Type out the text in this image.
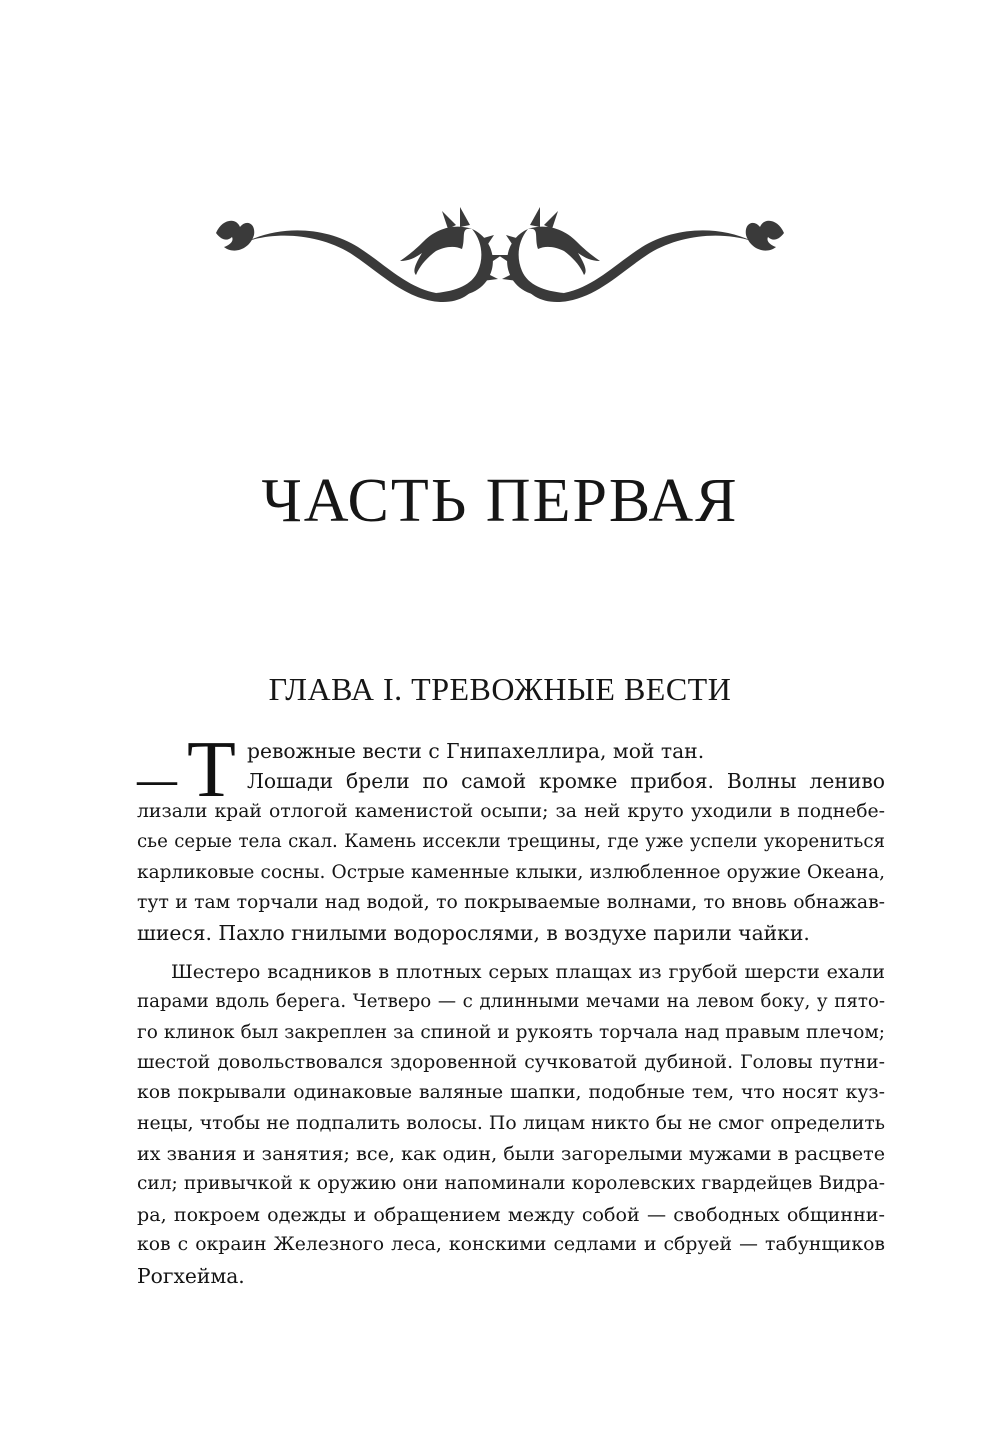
ЧАСТЬ ПЕРВАЯ
ГЛАВА I. ТРЕВОЖНЫЕ ВЕСТИ
— Т ревожные вести с Гнипахеллира, мой тан.
Лошади брели по самой кромке прибоя. Волны лениво
лизали край отлогой каменистой осыпи; за ней круто уходили в поднебе-
сье серые тела скал. Камень иссекли трещины, где уже успели укорениться
карликовые сосны. Острые каменные клыки, излюбленное оружие Океана,
тут и там торчали над водой, то покрываемые волнами, то вновь обнажав-
шиеся. Пахло гнилыми водорослями, в воздухе парили чайки.
Шестеро всадников в плотных серых плащах из грубой шерсти ехали
парами вдоль берега. Четверо — с длинными мечами на левом боку, у пято-
го клинок был закреплен за спиной и рукоять торчала над правым плечом;
шестой довольствовался здоровенной сучковатой дубиной. Головы путни-
ков покрывали одинаковые валяные шапки, подобные тем, что носят куз-
нецы, чтобы не подпалить волосы. По лицам никто бы не смог определить
их звания и занятия; все, как один, были загорелыми мужами в расцвете
сил; привычкой к оружию они напоминали королевских гвардейцев Видра-
ра, покроем одежды и обращением между собой — свободных общинни-
ков с окраин Железного леса, конскими седлами и сбруей — табунщиков
Рогхейма.
